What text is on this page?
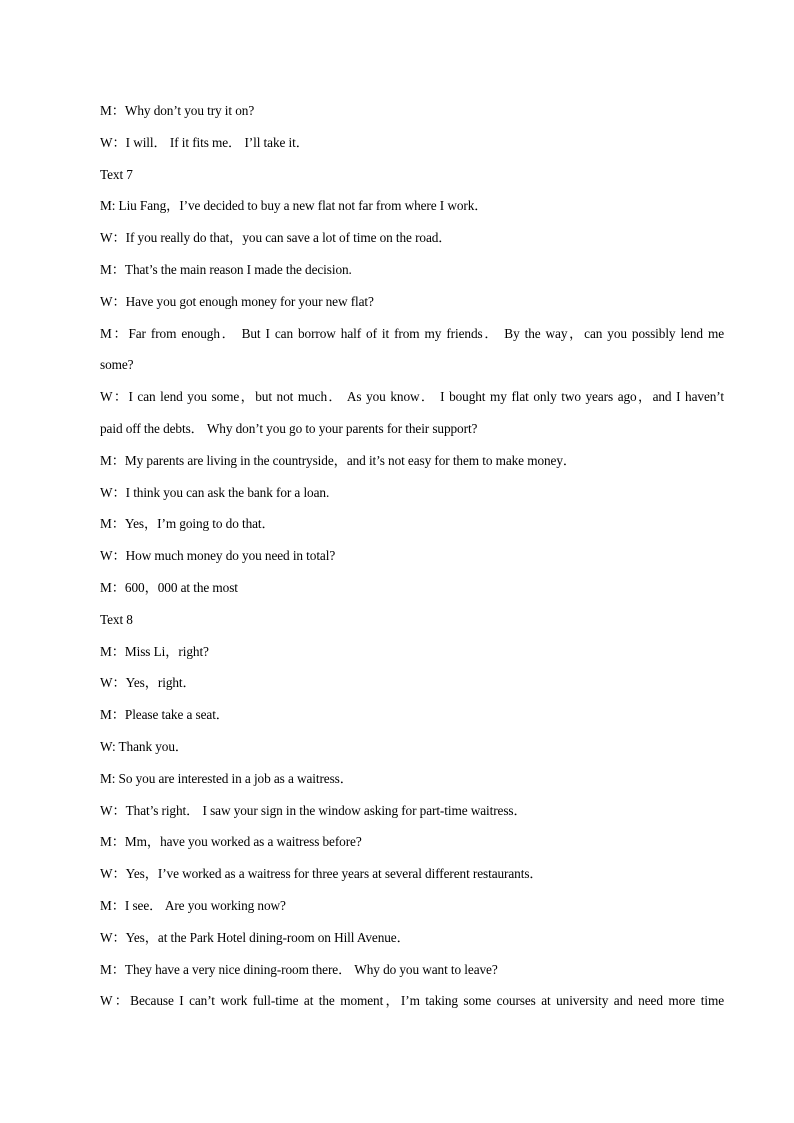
M：Why don’t you try it on?
W：I will． If it fits me． I’ll take it．
Text 7
M: Liu Fang，I’ve decided to buy a new flat not far from where I work．
W：If you really do that，you can save a lot of time on the road．
M：That’s the main reason I made the decision.
W：Have you got enough money for your new flat?
M：Far from enough． But I can borrow half of it from my friends． By the way，can you possibly lend me
some?
W：I can lend you some，but not much． As you know． I bought my flat only two years ago，and I haven’t
paid off the debts． Why don’t you go to your parents for their support?
M：My parents are living in the countryside，and it’s not easy for them to make money．
W：I think you can ask the bank for a loan.
M：Yes，I’m going to do that．
W：How much money do you need in total?
M：600，000 at the most
Text 8
M：Miss Li，right?
W：Yes，right．
M：Please take a seat．
W: Thank you．
M: So you are interested in a job as a waitress．
W：That’s right． I saw your sign in the window asking for part-time waitress．
M：Mm，have you worked as a waitress before?
W：Yes，I’ve worked as a waitress for three years at several different restaurants．
M：I see． Are you working now?
W：Yes，at the Park Hotel dining-room on Hill Avenue．
M：They have a very nice dining-room there． Why do you want to leave?
W：Because I can’t work full-time at the moment，I’m taking some courses at university and need more time
